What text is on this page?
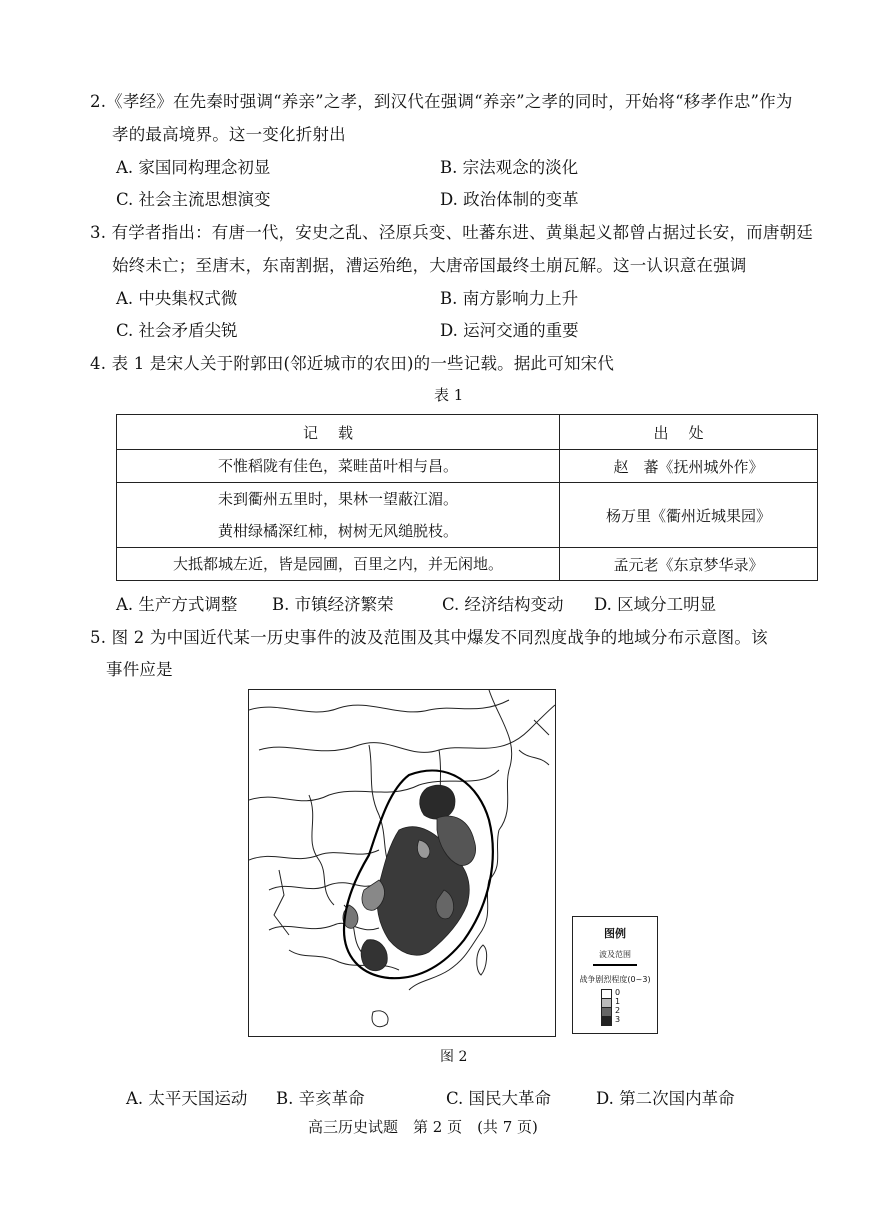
2.《孝经》在先秦时强调“养亲”之孝，到汉代在强调“养亲”之孝的同时，开始将“移孝作忠”作为
孝的最高境界。这一变化折射出
A. 家国同构理念初显	B. 宗法观念的淡化
C. 社会主流思想演变	D. 政治体制的变革
3. 有学者指出：有唐一代，安史之乱、泾原兵变、吐蕃东进、黄巢起义都曾占据过长安，而唐朝廷
始终未亡；至唐末，东南割据，漕运殆绝，大唐帝国最终土崩瓦解。这一认识意在强调
A. 中央集权式微	B. 南方影响力上升
C. 社会矛盾尖锐	D. 运河交通的重要
4. 表 1 是宋人关于附郭田(邻近城市的农田)的一些记载。据此可知宋代
表 1
记载	出处

不惟稻陇有佳色，菜畦苗叶相与昌。	赵　蕃《抚州城外作》

未到衢州五里时，果林一望蔽江湄。
黄柑绿橘深红柿，树树无风缒脱枝。	杨万里《衢州近城果园》

大抵都城左近，皆是园圃，百里之内，并无闲地。	孟元老《东京梦华录》
A. 生产方式调整 B. 市镇经济繁荣	C. 经济结构变动 D. 区域分工明显
5. 图 2 为中国近代某一历史事件的波及范围及其中爆发不同烈度战争的地域分布示意图。该
事件应是
图例
波及范围
战争剧烈程度(0~3)
0
1
2
3
图 2
A. 太平天国运动 B. 辛亥革命	C. 国民大革命	D. 第二次国内革命
高三历史试题　第 2 页　(共 7 页)
